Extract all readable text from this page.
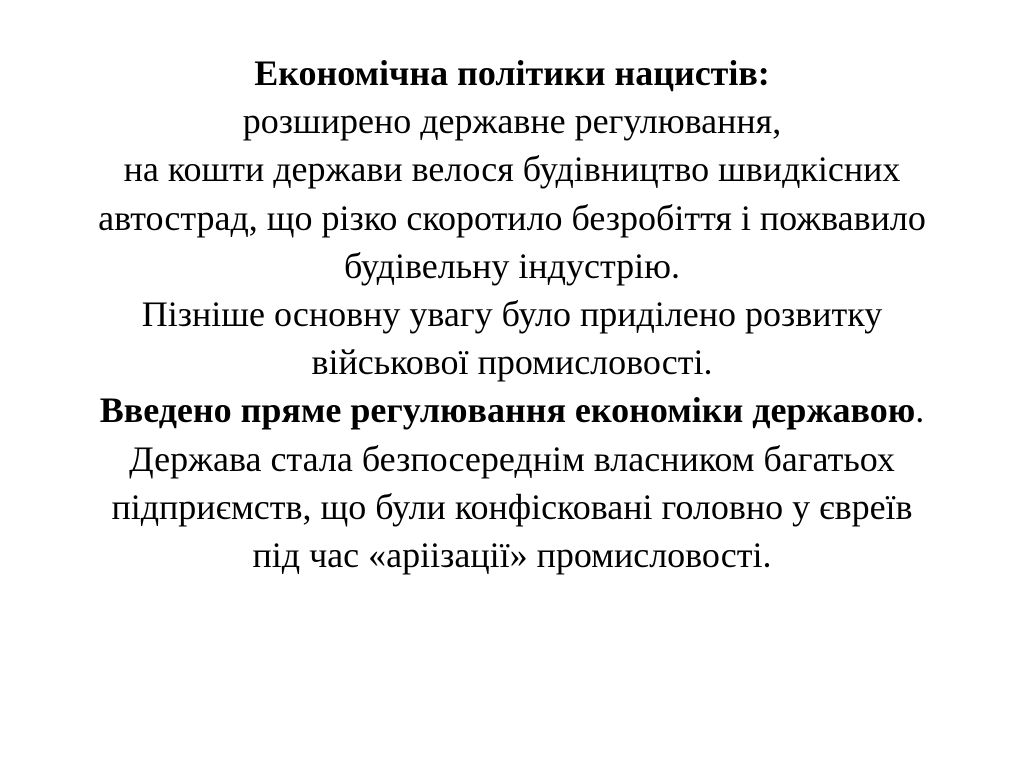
Економічна політики нацистів:
розширено державне регулювання,
на кошти держави велося будівництво швидкісних
автострад, що різко скоротило безробіття і пожвавило
будівельну індустрію.
Пізніше основну увагу було приділено розвитку
військової промисловості.
Введено пряме регулювання економіки державою.
Держава стала безпосереднім власником багатьох
підприємств, що були конфісковані головно у євреїв
під час «аріізації» промисловості.
